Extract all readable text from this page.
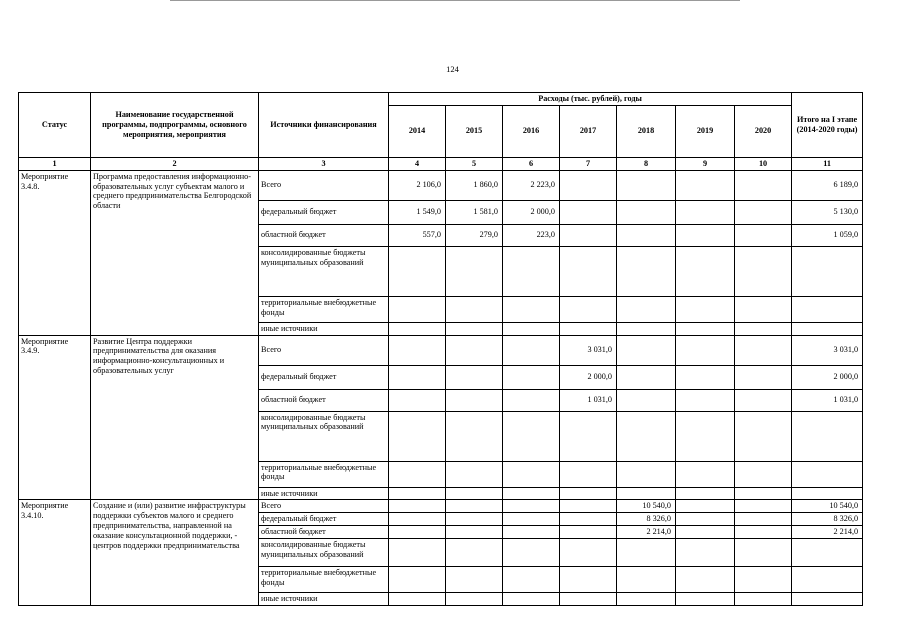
124
Статус	Наименование государственной программы, подпрограммы, основного мероприятия, мероприятия	Источники финансирования	Расходы (тыс. рублей), годы							Итого на I этапе (2014-2020 годы)
			2014	2015	2016	2017	2018	2019	2020	
1	2	3	4	5	6	7	8	9	10	11
Мероприятие 3.4.8.	Программа предоставления информационно-образовательных услуг субъектам малого и среднего предпринимательства Белгородской области	Всего	2 106,0	1 860,0	2 223,0					6 189,0
		федеральный бюджет	1 549,0	1 581,0	2 000,0					5 130,0
		областной бюджет	557,0	279,0	223,0					1 059,0
		консолидированные бюджеты муниципальных образований								
		территориальные внебюджетные фонды								
		иные источники								
Мероприятие 3.4.9.	Развитие Центра поддержки предпринимательства для оказания информационно-консультационных и образовательных услуг	Всего				3 031,0				3 031,0
		федеральный бюджет				2 000,0				2 000,0
		областной бюджет				1 031,0				1 031,0
		консолидированные бюджеты муниципальных образований								
		территориальные внебюджетные фонды								
		иные источники								
Мероприятие 3.4.10.	Создание и (или) развитие инфраструктуры поддержки субъектов малого и среднего предпринимательства, направленной на оказание консультационной поддержки, - центров поддержки предпринимательства	Всего					10 540,0			10 540,0
		федеральный бюджет					8 326,0			8 326,0
		областной бюджет					2 214,0			2 214,0
		консолидированные бюджеты муниципальных образований								
		территориальные внебюджетные фонды								
		иные источники								
